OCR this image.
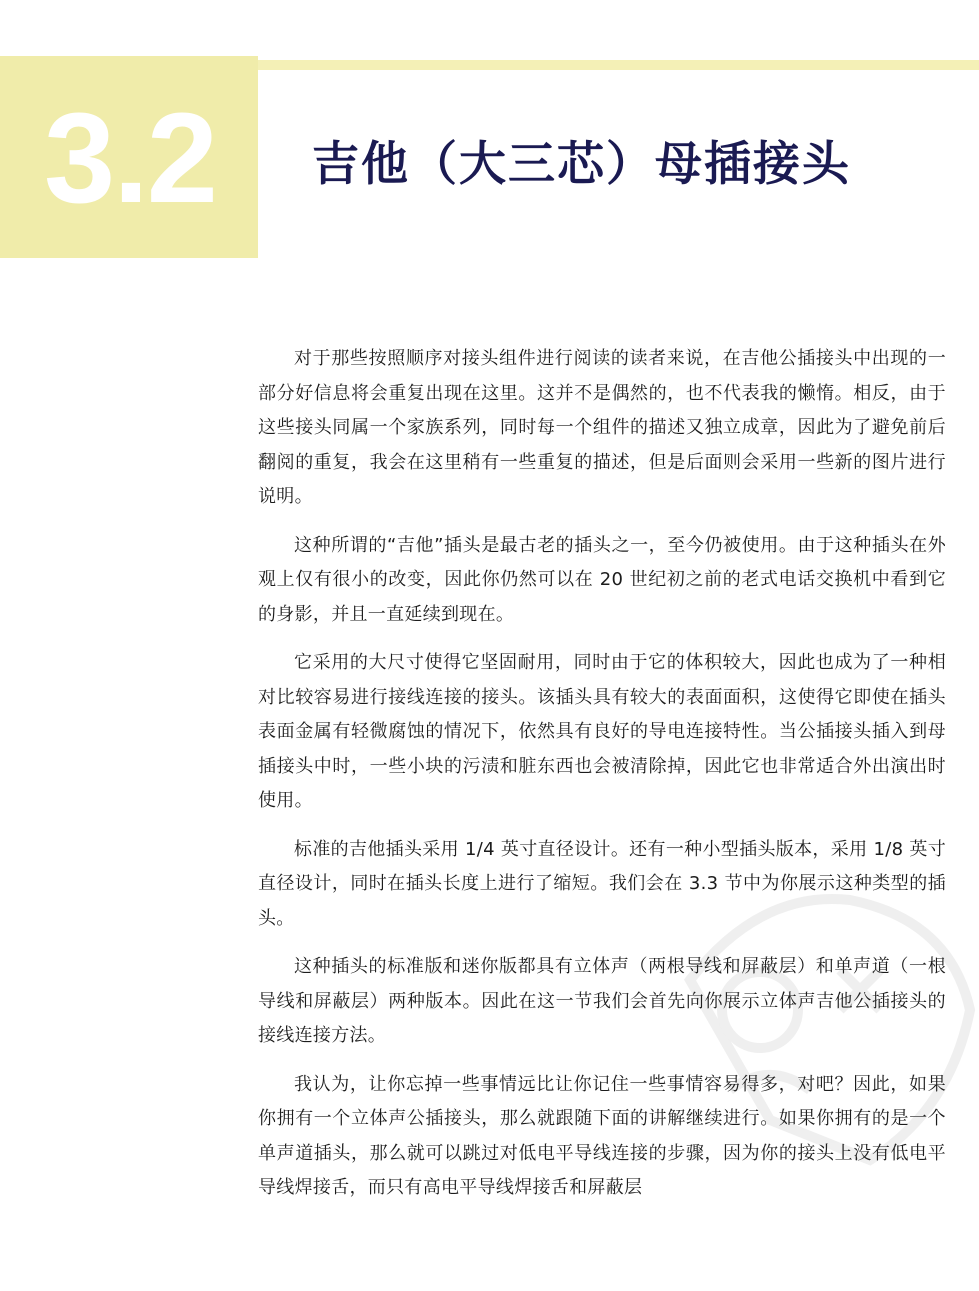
3.2 吉他（大三芯）母插接头

对于那些按照顺序对接头组件进行阅读的读者来说，在吉他公插接头中出现的一部分好信息将会重复出现在这里。这并不是偶然的，也不代表我的懒惰。相反，由于这些接头同属一个家族系列，同时每一个组件的描述又独立成章，因此为了避免前后翻阅的重复，我会在这里稍有一些重复的描述，但是后面则会采用一些新的图片进行说明。

这种所谓的“吉他”插头是最古老的插头之一，至今仍被使用。由于这种插头在外观上仅有很小的改变，因此你仍然可以在 20 世纪初之前的老式电话交换机中看到它的身影，并且一直延续到现在。

它采用的大尺寸使得它坚固耐用，同时由于它的体积较大，因此也成为了一种相对比较容易进行接线连接的接头。该插头具有较大的表面面积，这使得它即使在插头表面金属有轻微腐蚀的情况下，依然具有良好的导电连接特性。当公插接头插入到母插接头中时，一些小块的污渍和脏东西也会被清除掉，因此它也非常适合外出演出时使用。

标准的吉他插头采用 1/4 英寸直径设计。还有一种小型插头版本，采用 1/8 英寸直径设计，同时在插头长度上进行了缩短。我们会在 3.3 节中为你展示这种类型的插头。

这种插头的标准版和迷你版都具有立体声（两根导线和屏蔽层）和单声道（一根导线和屏蔽层）两种版本。因此在这一节我们会首先向你展示立体声吉他公插接头的接线连接方法。

我认为，让你忘掉一些事情远比让你记住一些事情容易得多，对吧？因此，如果你拥有一个立体声公插接头，那么就跟随下面的讲解继续进行。如果你拥有的是一个单声道插头，那么就可以跳过对低电平导线连接的步骤，因为你的接头上没有低电平导线焊接舌，而只有高电平导线焊接舌和屏蔽层
